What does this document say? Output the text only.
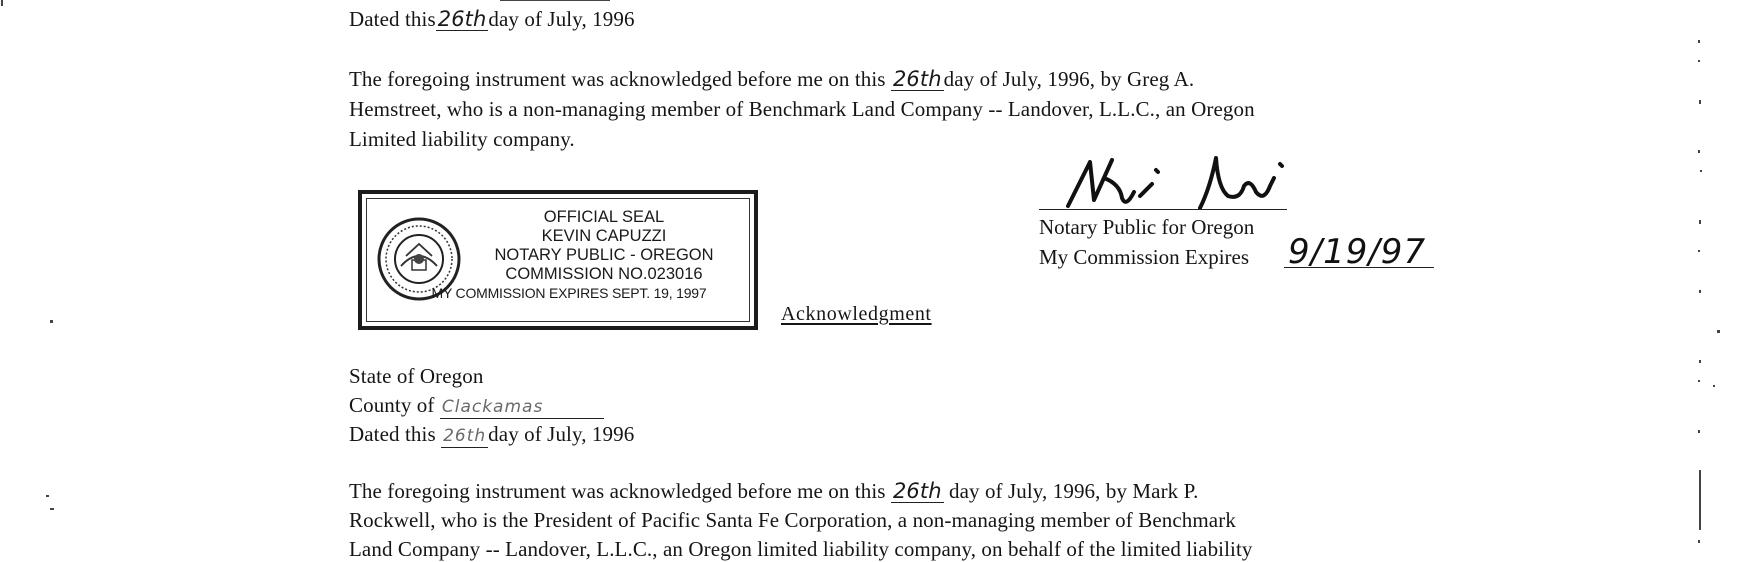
Dated this26thday of July, 1996
The foregoing instrument was acknowledged before me on this 26thday of July, 1996, by Greg A.
Hemstreet, who is a non-managing member of Benchmark Land Company -- Landover, L.L.C., an Oregon
Limited liability company.
OFFICIAL SEAL
KEVIN CAPUZZI
NOTARY PUBLIC - OREGON
COMMISSION NO.023016
MY COMMISSION EXPIRES SEPT. 19, 1997
Notary Public for Oregon
My Commission Expires 9/19/97
Acknowledgment
State of Oregon
County of Clackamas
Dated this 26thday of July, 1996
The foregoing instrument was acknowledged before me on this 26th day of July, 1996, by Mark P.
Rockwell, who is the President of Pacific Santa Fe Corporation, a non-managing member of Benchmark
Land Company -- Landover, L.L.C., an Oregon limited liability company, on behalf of the limited liability
